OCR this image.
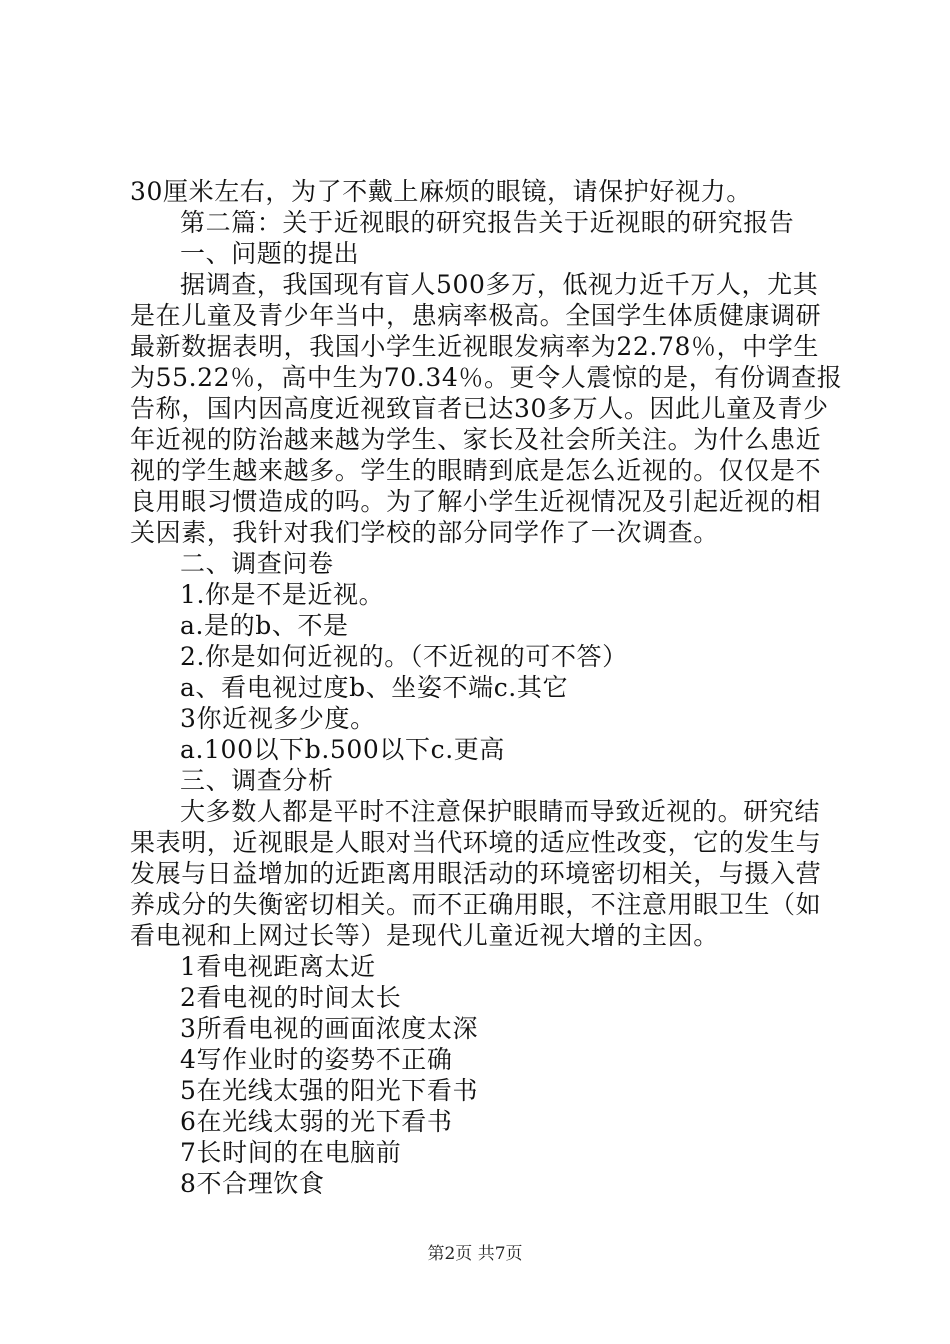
30厘米左右，为了不戴上麻烦的眼镜，请保护好视力。
第二篇：关于近视眼的研究报告关于近视眼的研究报告
一、问题的提出
据调查，我国现有盲人500多万，低视力近千万人，尤其
是在儿童及青少年当中，患病率极高。全国学生体质健康调研
最新数据表明，我国小学生近视眼发病率为22.78％，中学生
为55.22％，高中生为70.34％。更令人震惊的是，有份调查报
告称，国内因高度近视致盲者已达30多万人。因此儿童及青少
年近视的防治越来越为学生、家长及社会所关注。为什么患近
视的学生越来越多。学生的眼睛到底是怎么近视的。仅仅是不
良用眼习惯造成的吗。为了解小学生近视情况及引起近视的相
关因素，我针对我们学校的部分同学作了一次调查。
二、调查问卷
1.你是不是近视。
a.是的b、不是
2.你是如何近视的。（不近视的可不答）
a、看电视过度b、坐姿不端c.其它
3你近视多少度。
a.100以下b.500以下c.更高
三、调查分析
大多数人都是平时不注意保护眼睛而导致近视的。研究结
果表明，近视眼是人眼对当代环境的适应性改变，它的发生与
发展与日益增加的近距离用眼活动的环境密切相关，与摄入营
养成分的失衡密切相关。而不正确用眼，不注意用眼卫生（如
看电视和上网过长等）是现代儿童近视大增的主因。
1看电视距离太近
2看电视的时间太长
3所看电视的画面浓度太深
4写作业时的姿势不正确
5在光线太强的阳光下看书
6在光线太弱的光下看书
7长时间的在电脑前
8不合理饮食
第2页 共7页
